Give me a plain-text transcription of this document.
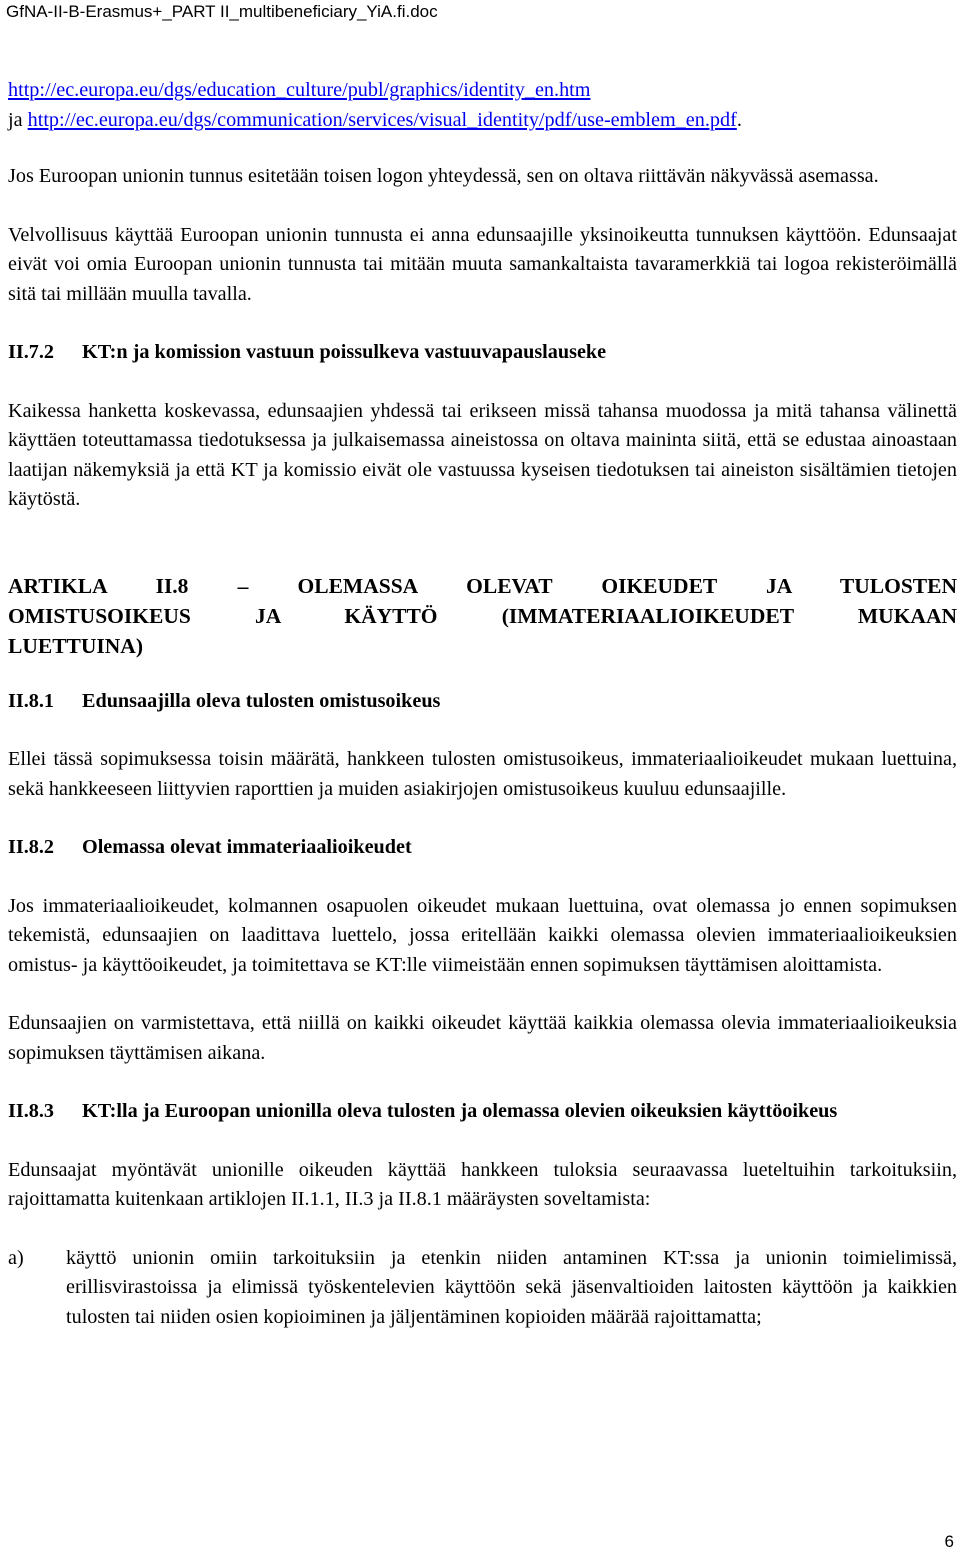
GfNA-II-B-Erasmus+_PART II_multibeneficiary_YiA.fi.doc

http://ec.europa.eu/dgs/education_culture/publ/graphics/identity_en.htm
ja http://ec.europa.eu/dgs/communication/services/visual_identity/pdf/use-emblem_en.pdf.

Jos Euroopan unionin tunnus esitetään toisen logon yhteydessä, sen on oltava riittävän näkyvässä asemassa.

Velvollisuus käyttää Euroopan unionin tunnusta ei anna edunsaajille yksinoikeutta tunnuksen käyttöön. Edunsaajat eivät voi omia Euroopan unionin tunnusta tai mitään muuta samankaltaista tavaramerkkiä tai logoa rekisteröimällä sitä tai millään muulla tavalla.

II.7.2 KT:n ja komission vastuun poissulkeva vastuuvapauslauseke

Kaikessa hanketta koskevassa, edunsaajien yhdessä tai erikseen missä tahansa muodossa ja mitä tahansa välinettä käyttäen toteuttamassa tiedotuksessa ja julkaisemassa aineistossa on oltava maininta siitä, että se edustaa ainoastaan laatijan näkemyksiä ja että KT ja komissio eivät ole vastuussa kyseisen tiedotuksen tai aineiston sisältämien tietojen käytöstä.

ARTIKLA II.8 – OLEMASSA OLEVAT OIKEUDET JA TULOSTEN
OMISTUSOIKEUS JA KÄYTTÖ (IMMATERIAALIOIKEUDET MUKAAN
LUETTUINA)
II.8.1 Edunsaajilla oleva tulosten omistusoikeus

Ellei tässä sopimuksessa toisin määrätä, hankkeen tulosten omistusoikeus, immateriaalioikeudet mukaan luettuina, sekä hankkeeseen liittyvien raporttien ja muiden asiakirjojen omistusoikeus kuuluu edunsaajille.

II.8.2 Olemassa olevat immateriaalioikeudet

Jos immateriaalioikeudet, kolmannen osapuolen oikeudet mukaan luettuina, ovat olemassa jo ennen sopimuksen tekemistä, edunsaajien on laadittava luettelo, jossa eritellään kaikki olemassa olevien immateriaalioikeuksien omistus- ja käyttöoikeudet, ja toimitettava se KT:lle viimeistään ennen sopimuksen täyttämisen aloittamista.

Edunsaajien on varmistettava, että niillä on kaikki oikeudet käyttää kaikkia olemassa olevia immateriaalioikeuksia sopimuksen täyttämisen aikana.

II.8.3	KT:lla ja Euroopan unionilla oleva tulosten ja olemassa olevien oikeuksien käyttöoikeus

Edunsaajat myöntävät unionille oikeuden käyttää hankkeen tuloksia seuraavassa lueteltuihin tarkoituksiin, rajoittamatta kuitenkaan artiklojen II.1.1, II.3 ja II.8.1 määräysten soveltamista:

a)	käyttö unionin omiin tarkoituksiin ja etenkin niiden antaminen KT:ssa ja unionin toimielimissä, erillisvirastoissa ja elimissä työskentelevien käyttöön sekä jäsenvaltioiden laitosten käyttöön ja kaikkien tulosten tai niiden osien kopioiminen ja jäljentäminen kopioiden määrää rajoittamatta;

6
